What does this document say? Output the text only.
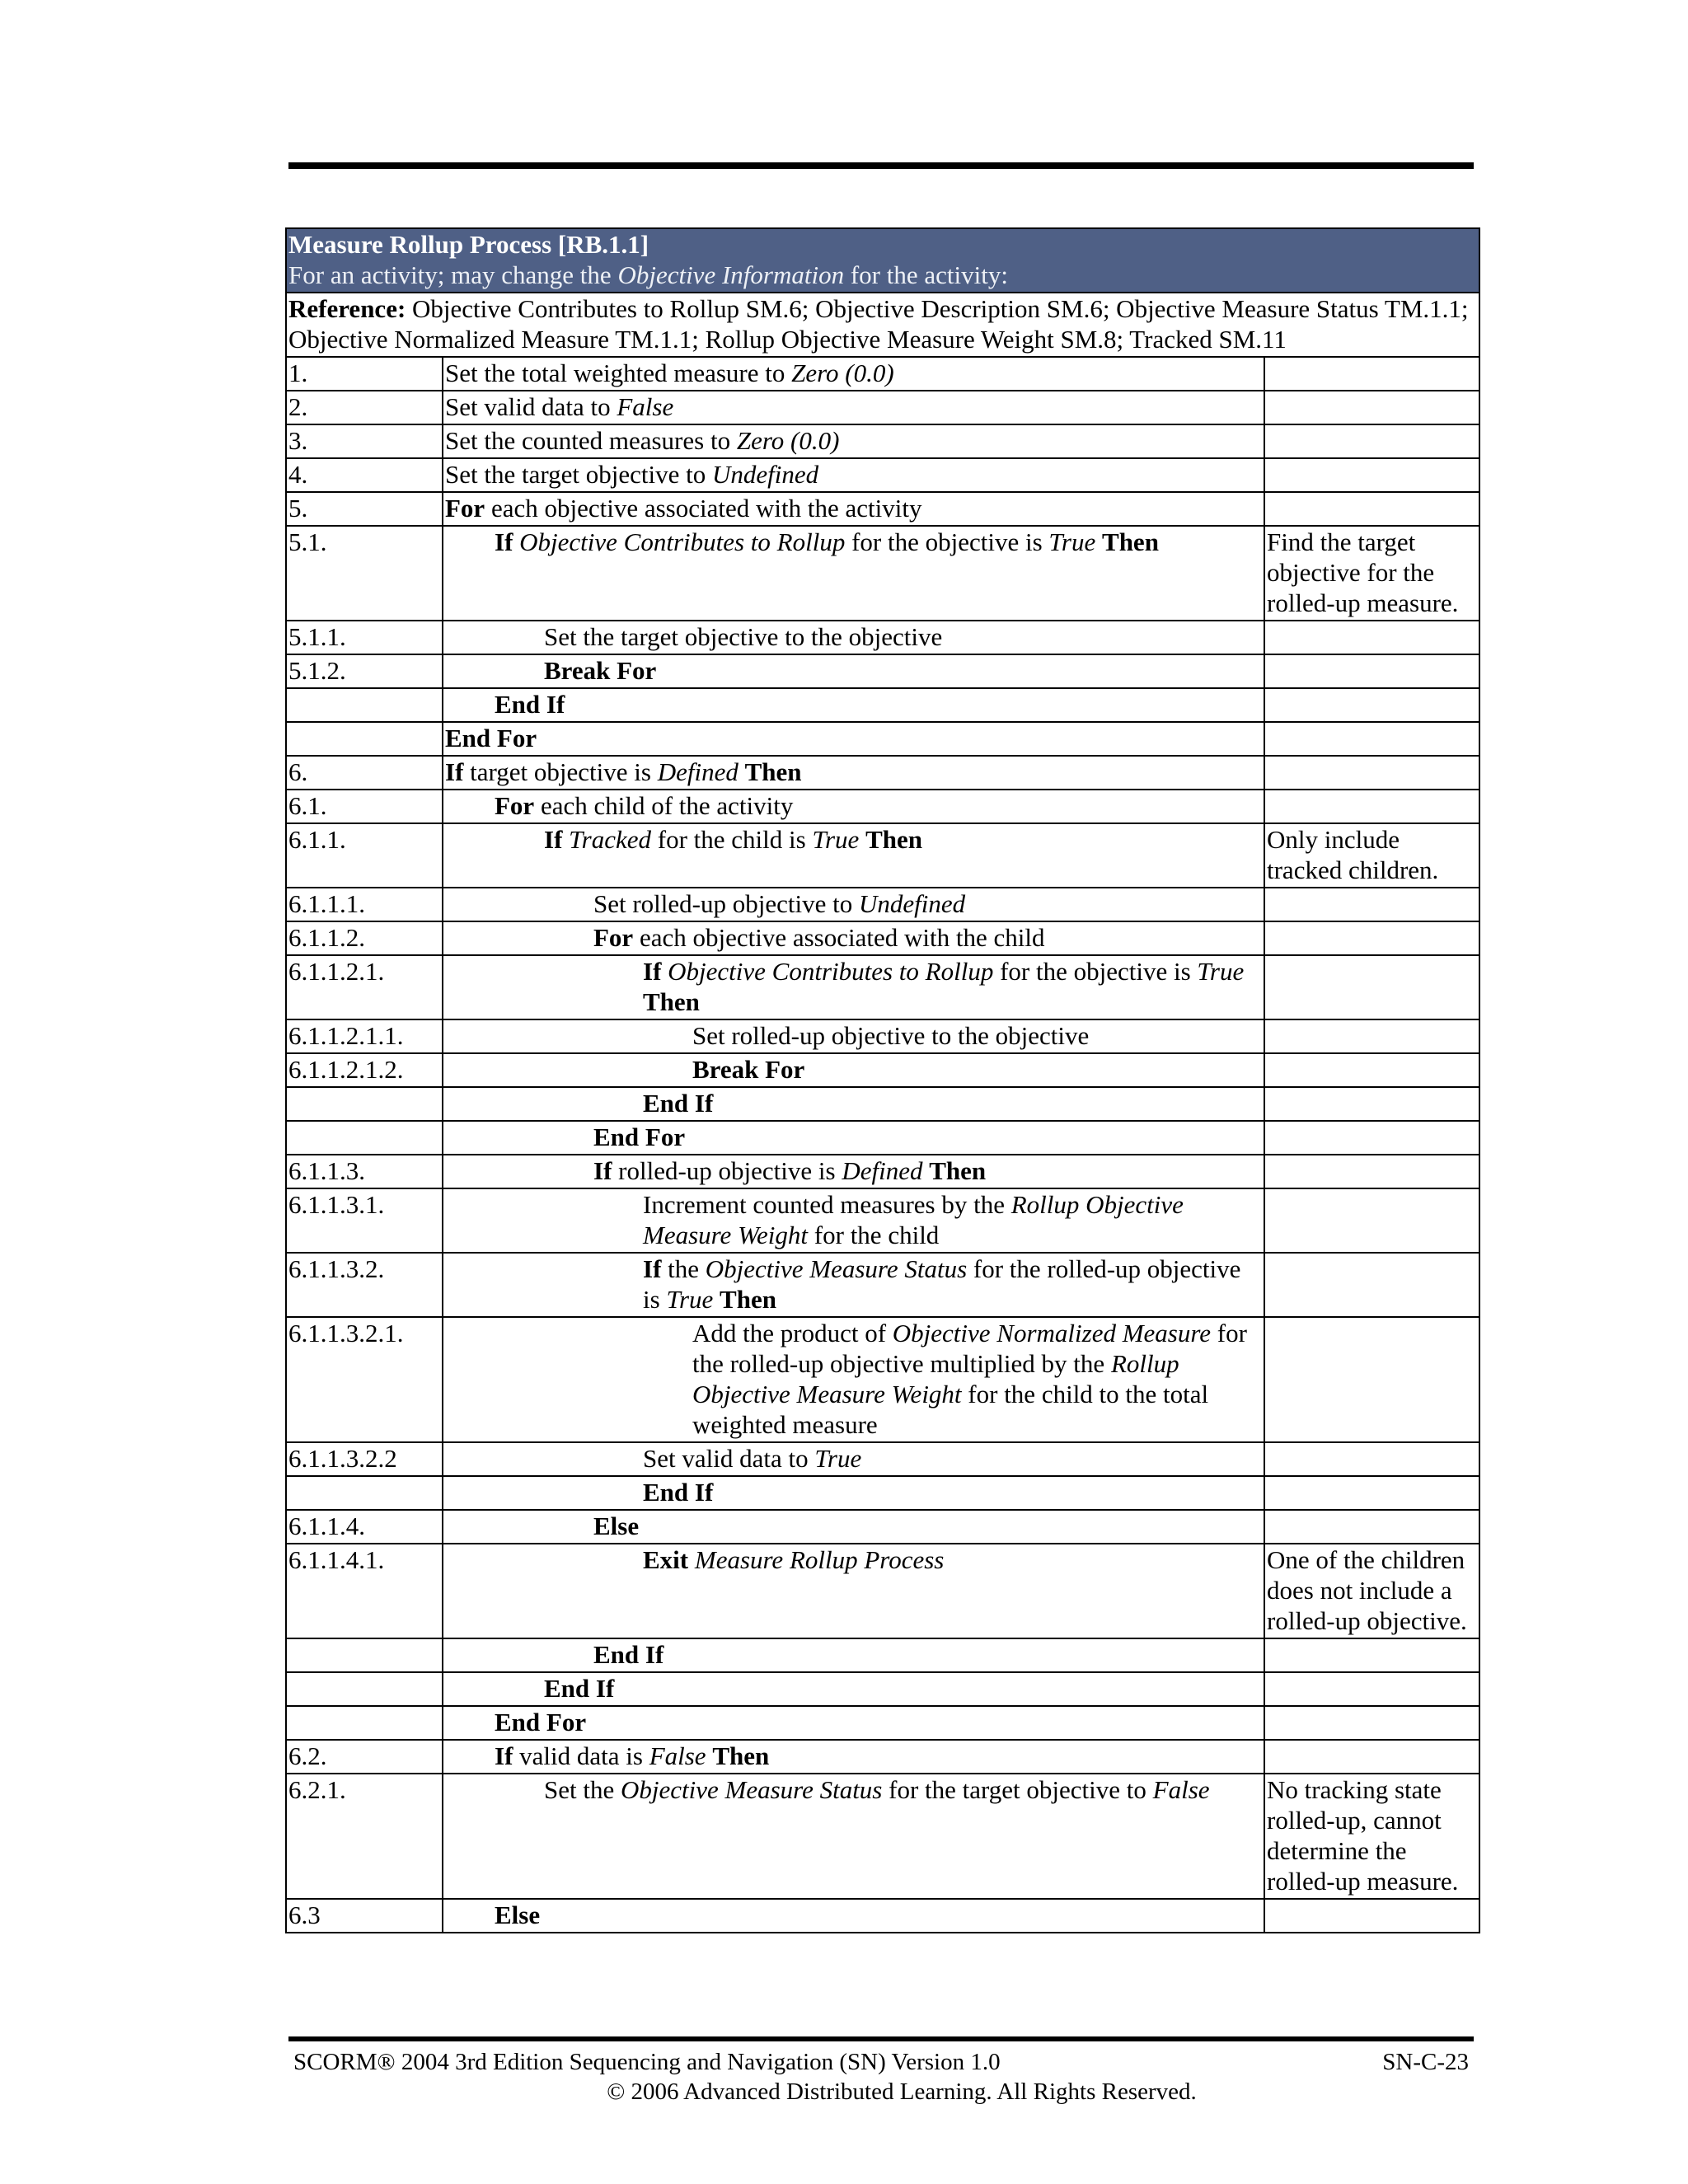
Measure Rollup Process [RB.1.1]
For an activity; may change the Objective Information for the activity:		

Reference: Objective Contributes to Rollup SM.6; Objective Description SM.6; Objective Measure Status TM.1.1; Objective Normalized Measure TM.1.1; Rollup Objective Measure Weight SM.8; Tracked SM.11		
1.	Set the total weighted measure to Zero (0.0)	

2.	Set valid data to False	

3.	Set the counted measures to Zero (0.0)	

4.	Set the target objective to Undefined	

5.	For each objective associated with the activity	

5.1.	If Objective Contributes to Rollup for the objective is True Then	Find the target objective for the rolled-up measure.
5.1.1.	Set the target objective to the objective	

5.1.2.	Break For	

	End If	

	End For	

6.	If target objective is Defined Then	

6.1.	For each child of the activity	

6.1.1.	If Tracked for the child is True Then	Only include tracked children.
6.1.1.1.	Set rolled-up objective to Undefined	

6.1.1.2.	For each objective associated with the child	

6.1.1.2.1.	If Objective Contributes to Rollup for the objective is True Then	

6.1.1.2.1.1.	Set rolled-up objective to the objective	

6.1.1.2.1.2.	Break For	

	End If	

	End For	

6.1.1.3.	If rolled-up objective is Defined Then	

6.1.1.3.1.	Increment counted measures by the Rollup Objective Measure Weight for the child	

6.1.1.3.2.	If the Objective Measure Status for the rolled-up objective is True Then	

6.1.1.3.2.1.	Add the product of Objective Normalized Measure for the rolled-up objective multiplied by the Rollup Objective Measure Weight for the child to the total weighted measure	

6.1.1.3.2.2	Set valid data to True	

	End If	

6.1.1.4.	Else	

6.1.1.4.1.	Exit Measure Rollup Process	One of the children does not include a rolled-up objective.

	End If	

	End If	

	End For	

6.2.	If valid data is False Then	

6.2.1.	Set the Objective Measure Status for the target objective to False	No tracking state rolled-up, cannot determine the rolled-up measure.
6.3	Else	

SCORM® 2004 3rd Edition Sequencing and Navigation (SN) Version 1.0	SN-C-23
© 2006 Advanced Distributed Learning. All Rights Reserved.
